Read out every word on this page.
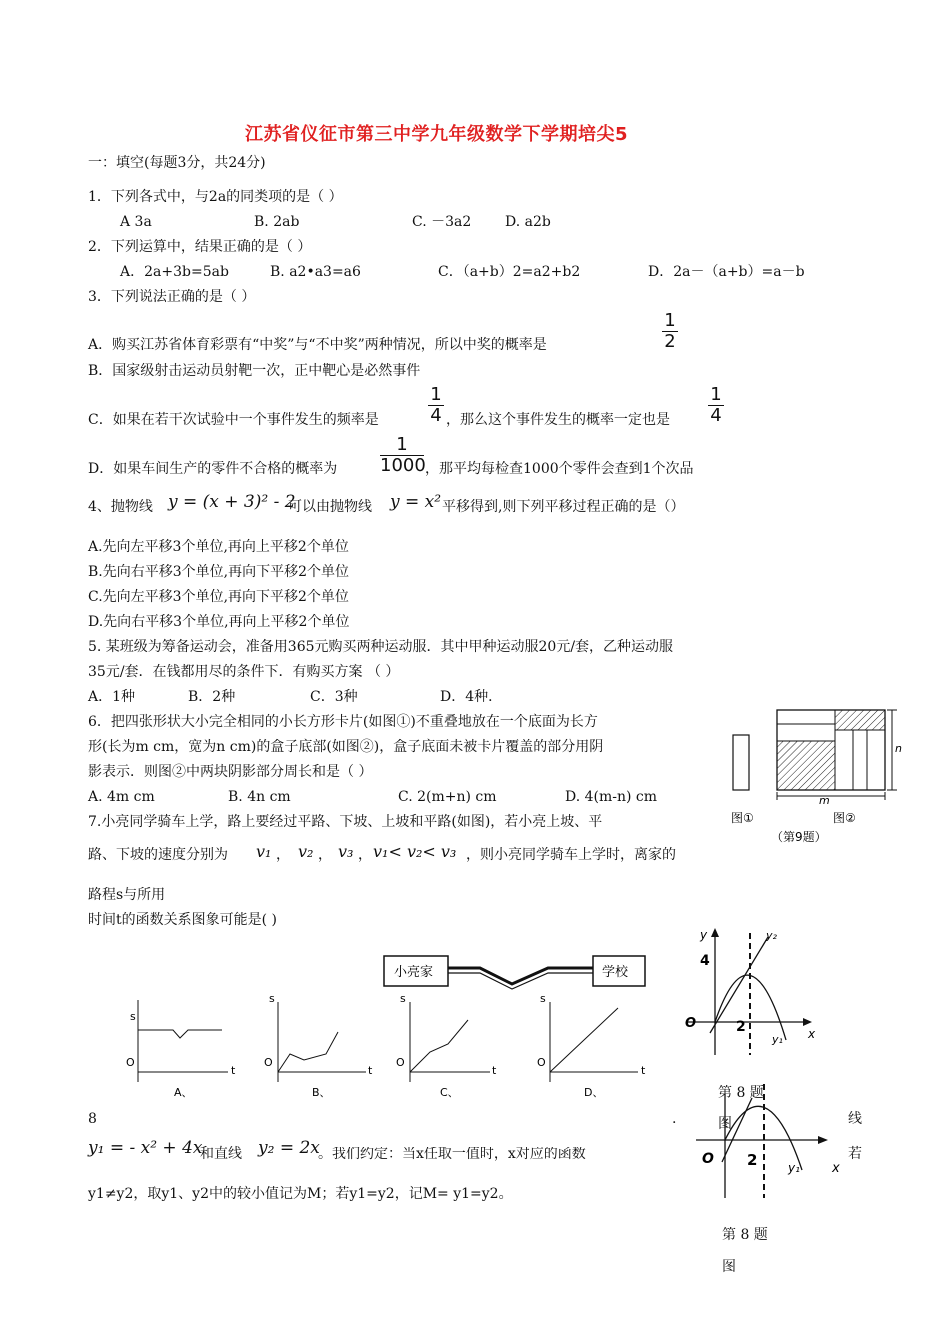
江苏省仪征市第三中学九年级数学下学期培尖5
一：填空(每题3分，共24分)
1．下列各式中，与2a的同类项的是（ ）
A 3a	B. 2ab	C. －3a2 D. a2b
2．下列运算中，结果正确的是（ ）
A．2a+3b=5ab	B. a2•a3=a6	C．（a+b）2=a2+b2	D．2a－（a+b）=a－b
3．下列说法正确的是（ ）
A．购买江苏省体育彩票有“中奖”与“不中奖”两种情况，所以中奖的概率是
1
2
B．国家级射击运动员射靶一次，正中靶心是必然事件
C．如果在若干次试验中一个事件发生的频率是
1
4 ，那么这个事件发生的概率一定也是
1
4
D．如果车间生产的零件不合格的概率为
1
1000 ，那平均每检查1000个零件会查到1个次品
4、抛物线 y = (x + 3)² - 2
可以由抛物线 y = x² 平移得到,则下列平移过程正确的是（）
A.先向左平移3个单位,再向上平移2个单位
B.先向右平移3个单位,再向下平移2个单位
C.先向左平移3个单位,再向下平移2个单位
D.先向右平移3个单位,再向上平移2个单位
5. 某班级为筹备运动会，准备用365元购买两种运动服．其中甲种运动服20元/套，乙种运动服
35元/套．在钱都用尽的条件下．有购买方案 （ ）
A．1种	B．2种	C．3种	D．4种．
6．把四张形状大小完全相同的小长方形卡片(如图①)不重叠地放在一个底面为长方
形(长为m cm，宽为n cm)的盒子底部(如图②)，盒子底面未被卡片覆盖的部分用阴
影表示．则图②中两块阴影部分周长和是（ ）
A. 4m cm	B. 4n cm	C. 2(m+n) cm	D. 4(m-n) cm
n
m
图①	图②
（第9题）
7.小亮同学骑车上学，路上要经过平路、下坡、上坡和平路(如图)，若小亮上坡、平
路、下坡的速度分别为 v₁ ， v₂ ， v₃ ， v₁< v₂< v₃ ，则小亮同学骑车上学时，离家的
路程s与所用
时间t的函数关系图象可能是( )
小亮家	学校
s
O
t
A、
s
O
t
B、
s
O
t
C、
s
O
t
D、
y
x
O
4
2
y₁
y₂
第 8 题
x
O 2	y₁
8	.	图	线
y₁ = - x² + 4x
和直线 y₂ = 2x
。我们约定：当x任取一值时，x对应的函数	若
y1≠y2，取y1、y2中的较小值记为M；若y1=y2，记M= y1=y2。
第 8 题
图
